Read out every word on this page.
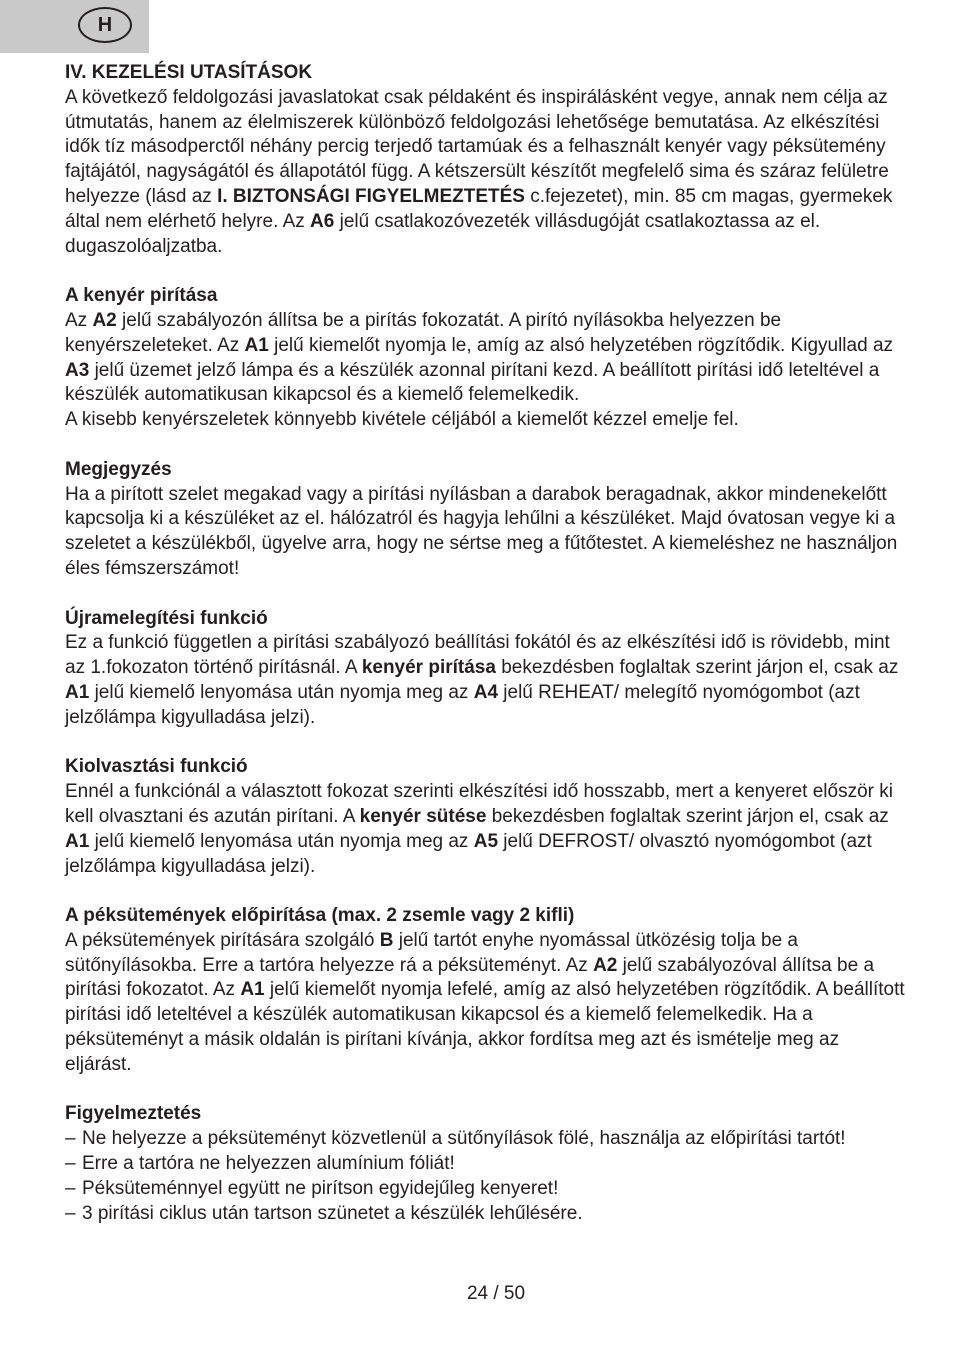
H
IV. KEZELÉSI UTASÍTÁSOK

A következő feldolgozási javaslatokat csak példaként és inspirálásként vegye, annak nem célja az útmutatás, hanem az élelmiszerek különböző feldolgozási lehetősége bemutatása. Az elkészítési idők tíz másodperctől néhány percig terjedő tartamúak és a felhasznált kenyér vagy péksütemény fajtájától, nagyságától és állapotától függ. A kétszersült készítőt megfelelő sima és száraz felületre helyezze (lásd az I. BIZTONSÁGI FIGYELMEZTETÉS c.fejezetet), min. 85 cm magas, gyermekek által nem elérhető helyre. Az A6 jelű csatlakozóvezeték villásdugóját csatlakoztassa az el. dugaszolóaljzatba.

A kenyér pirítása

Az A2 jelű szabályozón állítsa be a pirítás fokozatát. A pirító nyílásokba helyezzen be kenyérszeleteket. Az A1 jelű kiemelőt nyomja le, amíg az alsó helyzetében rögzítődik. Kigyullad az A3 jelű üzemet jelző lámpa és a készülék azonnal pirítani kezd. A beállított pirítási idő leteltével a készülék automatikusan kikapcsol és a kiemelő felemelkedik.

A kisebb kenyérszeletek könnyebb kivétele céljából a kiemelőt kézzel emelje fel.

Megjegyzés

Ha a pirított szelet megakad vagy a pirítási nyílásban a darabok beragadnak, akkor mindenekelőtt kapcsolja ki a készüléket az el. hálózatról és hagyja lehűlni a készüléket. Majd óvatosan vegye ki a szeletet a készülékből, ügyelve arra, hogy ne sértse meg a fűtőtestet. A kiemeléshez ne használjon éles fémszerszámot!

Újramelegítési funkció

Ez a funkció független a pirítási szabályozó beállítási fokától és az elkészítési idő is rövidebb, mint az 1.fokozaton történő pirításnál. A kenyér pirítása bekezdésben foglaltak szerint járjon el, csak az A1 jelű kiemelő lenyomása után nyomja meg az A4 jelű REHEAT/ melegítő nyomógombot (azt jelzőlámpa kigyulladása jelzi).

Kiolvasztási funkció

Ennél a funkciónál a választott fokozat szerinti elkészítési idő hosszabb, mert a kenyeret először ki kell olvasztani és azután pirítani. A kenyér sütése bekezdésben foglaltak szerint járjon el, csak az A1 jelű kiemelő lenyomása után nyomja meg az A5 jelű DEFROST/ olvasztó nyomógombot (azt jelzőlámpa kigyulladása jelzi).

A péksütemények előpirítása (max. 2 zsemle vagy 2 kifli)

A péksütemények pirítására szolgáló B jelű tartót enyhe nyomással ütközésig tolja be a sütőnyílásokba. Erre a tartóra helyezze rá a péksüteményt. Az A2 jelű szabályozóval állítsa be a pirítási fokozatot. Az A1 jelű kiemelőt nyomja lefelé, amíg az alsó helyzetében rögzítődik. A beállított pirítási idő leteltével a készülék automatikusan kikapcsol és a kiemelő felemelkedik. Ha a péksüteményt a másik oldalán is pirítani kívánja, akkor fordítsa meg azt és ismételje meg az eljárást.

Figyelmeztetés
– Ne helyezze a péksüteményt közvetlenül a sütőnyílások fölé, használja az előpirítási tartót!
– Erre a tartóra ne helyezzen alumínium fóliát!
– Péksüteménnyel együtt ne pirítson egyidejűleg kenyeret!
– 3 pirítási ciklus után tartson szünetet a készülék lehűlésére.
24 / 50
